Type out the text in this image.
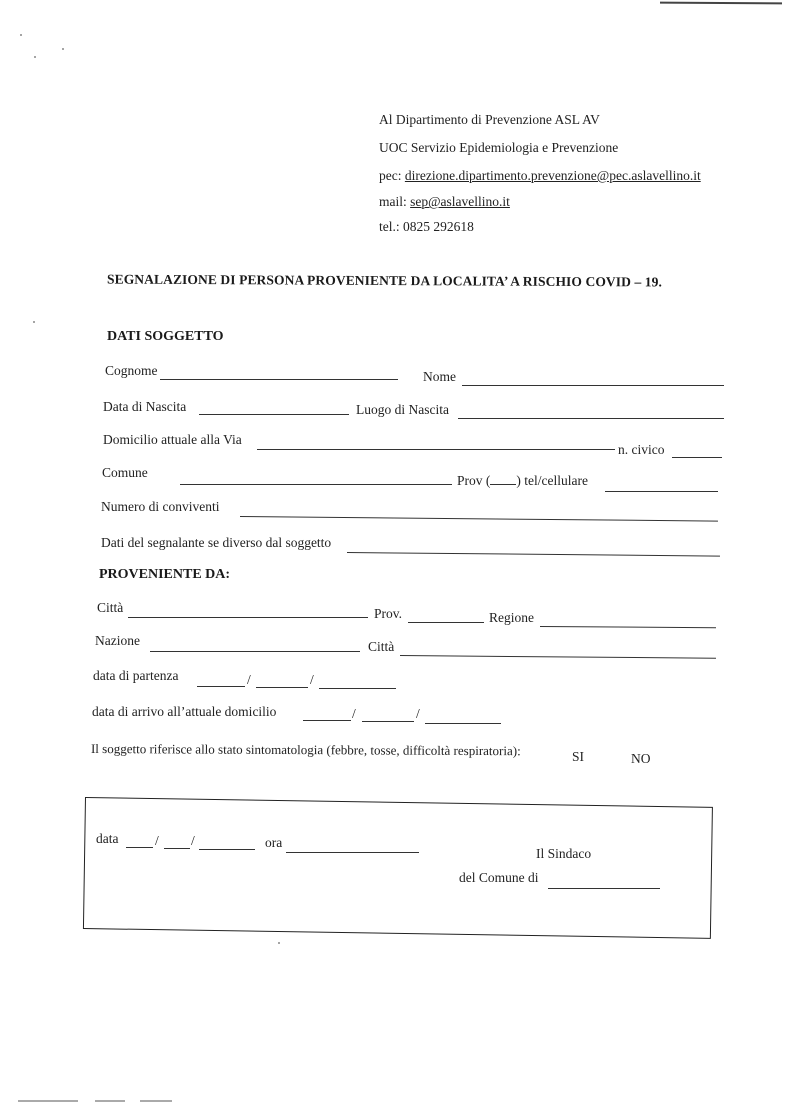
Al Dipartimento di Prevenzione ASL AV
UOC Servizio Epidemiologia e Prevenzione
pec: direzione.dipartimento.prevenzione@pec.aslavellino.it
mail: sep@aslavellino.it
tel.: 0825 292618
SEGNALAZIONE DI PERSONA PROVENIENTE DA LOCALITA’ A RISCHIO COVID – 19.
DATI SOGGETTO
Cognome	Nome
Data di Nascita	Luogo di Nascita
Domicilio attuale alla Via
n. civico
Comune
Prov ( ) tel/cellulare
Numero di conviventi
Dati del segnalante se diverso dal soggetto
PROVENIENTE DA:
Città	Prov.	Regione
Nazione	Città
data di partenza	/	/
data di arrivo all’attuale domicilio	/	/
Il soggetto riferisce allo stato sintomatologia (febbre, tosse, difficoltà respiratoria):	SI	NO
data	/ /	ora
Il Sindaco
del Comune di
